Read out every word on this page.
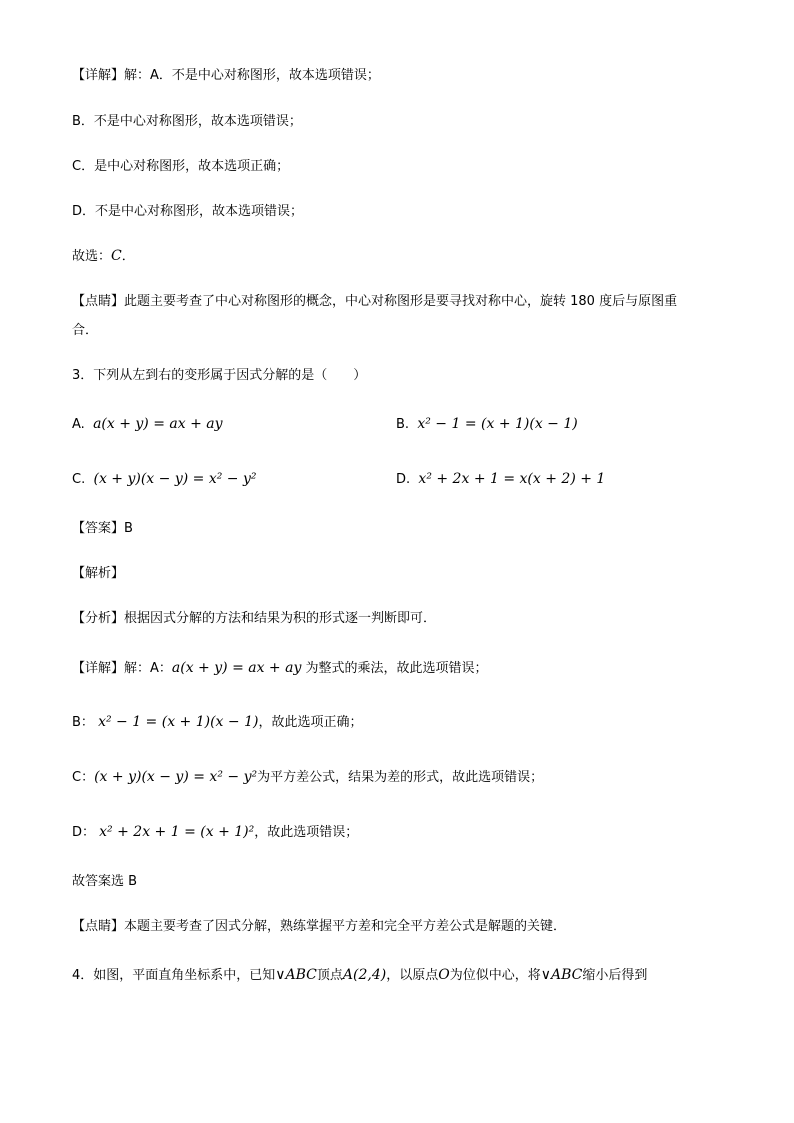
【详解】解：A．不是中心对称图形，故本选项错误；
B．不是中心对称图形，故本选项错误；
C．是中心对称图形，故本选项正确；
D．不是中心对称图形，故本选项错误；
故选：C．
【点睛】此题主要考查了中心对称图形的概念，中心对称图形是要寻找对称中心，旋转 180 度后与原图重
合．
3．下列从左到右的变形属于因式分解的是（　　）
A. a(x + y) = ax + ay	B. x² − 1 = (x + 1)(x − 1)
C. (x + y)(x − y) = x² − y²	D. x² + 2x + 1 = x(x + 2) + 1
【答案】B
【解析】
【分析】根据因式分解的方法和结果为积的形式逐一判断即可．
【详解】解：A：a(x + y) = ax + ay 为整式的乘法，故此选项错误；
B： x² − 1 = (x + 1)(x − 1)，故此选项正确；
C：(x + y)(x − y) = x² − y²为平方差公式，结果为差的形式，故此选项错误；
D： x² + 2x + 1 = (x + 1)²，故此选项错误；
故答案选 B
【点睛】本题主要考查了因式分解，熟练掌握平方差和完全平方差公式是解题的关键．
4．如图，平面直角坐标系中，已知∨ABC顶点A(2,4)，以原点O为位似中心，将∨ABC缩小后得到
